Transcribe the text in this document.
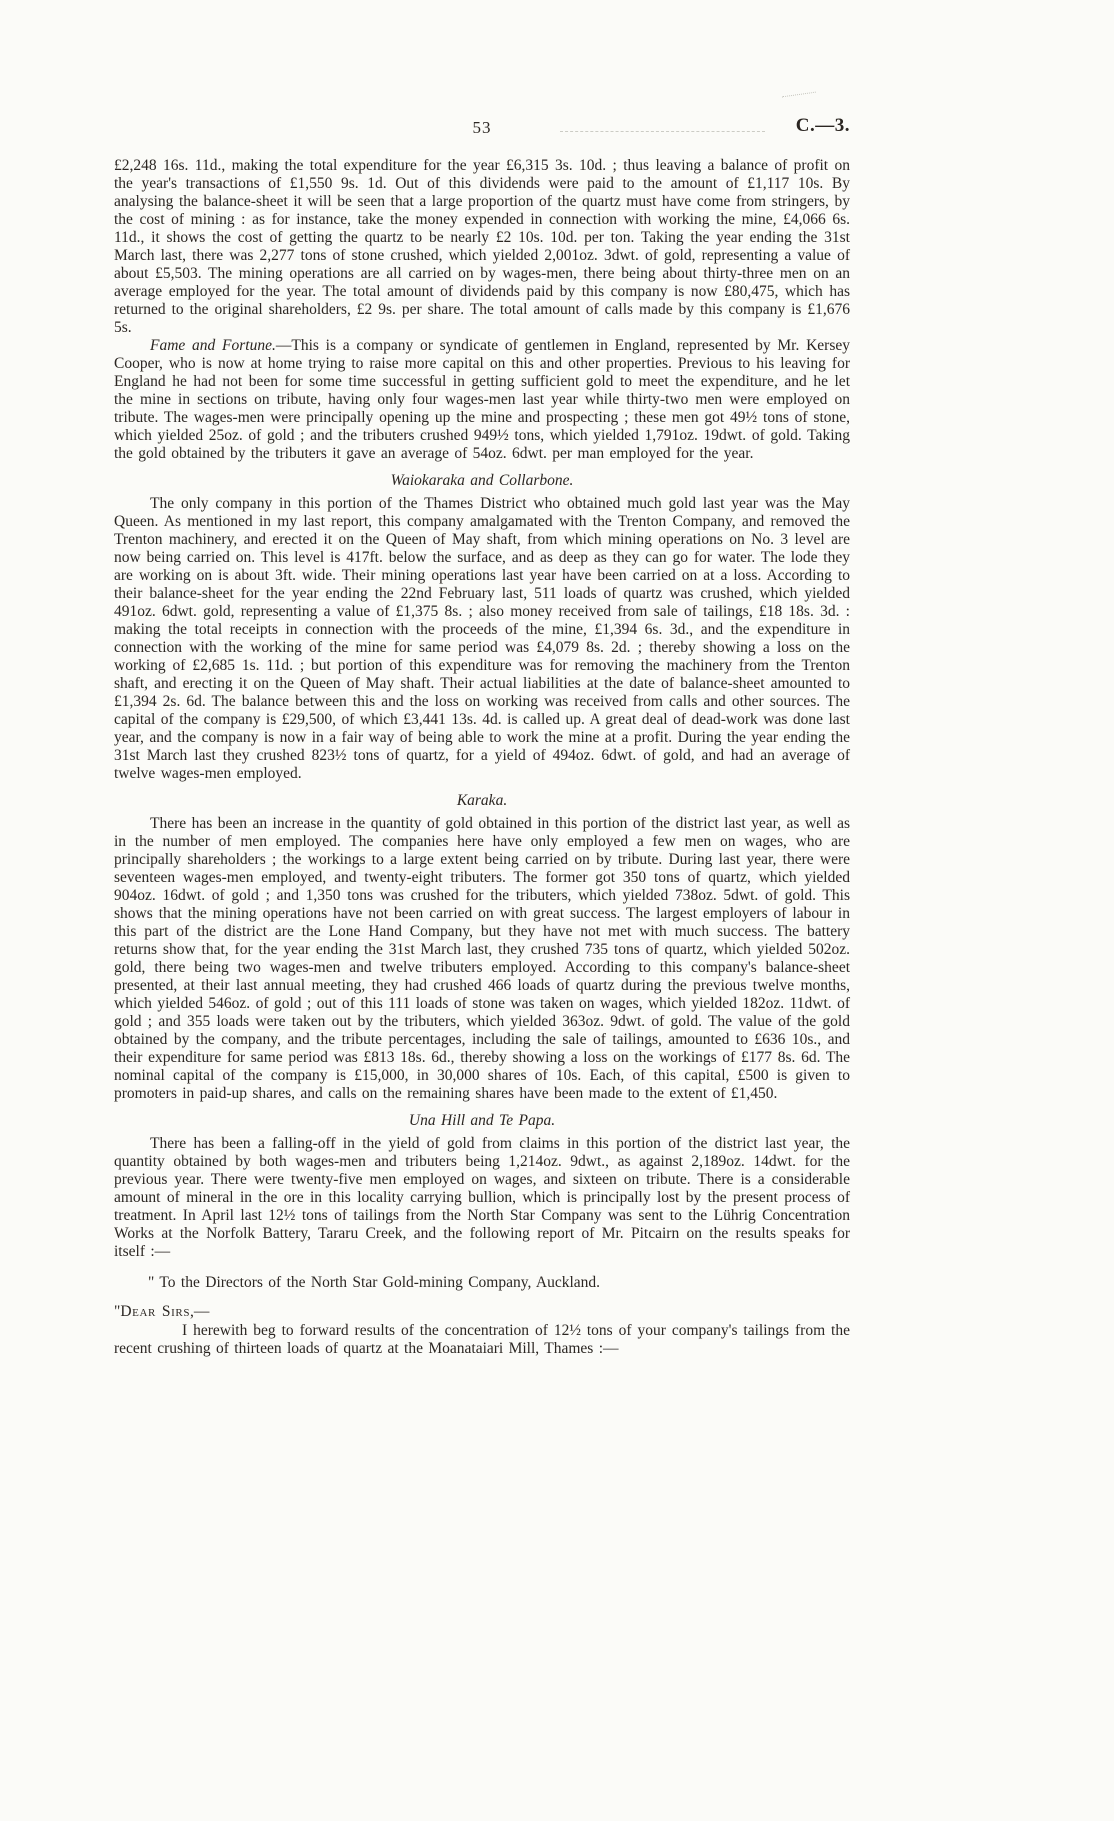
53	C.—3.

£2,248 16s. 11d., making the total expenditure for the year £6,315 3s. 10d. ; thus leaving a balance of profit on the year's transactions of £1,550 9s. 1d. Out of this dividends were paid to the amount of £1,117 10s. By analysing the balance-sheet it will be seen that a large proportion of the quartz must have come from stringers, by the cost of mining : as for instance, take the money expended in connection with working the mine, £4,066 6s. 11d., it shows the cost of getting the quartz to be nearly £2 10s. 10d. per ton. Taking the year ending the 31st March last, there was 2,277 tons of stone crushed, which yielded 2,001oz. 3dwt. of gold, representing a value of about £5,503. The mining operations are all carried on by wages-men, there being about thirty-three men on an average employed for the year. The total amount of dividends paid by this company is now £80,475, which has returned to the original shareholders, £2 9s. per share. The total amount of calls made by this company is £1,676 5s.

Fame and Fortune.—This is a company or syndicate of gentlemen in England, represented by Mr. Kersey Cooper, who is now at home trying to raise more capital on this and other properties. Previous to his leaving for England he had not been for some time successful in getting sufficient gold to meet the expenditure, and he let the mine in sections on tribute, having only four wages-men last year while thirty-two men were employed on tribute. The wages-men were principally opening up the mine and prospecting ; these men got 49½ tons of stone, which yielded 25oz. of gold ; and the tributers crushed 949½ tons, which yielded 1,791oz. 19dwt. of gold. Taking the gold obtained by the tributers it gave an average of 54oz. 6dwt. per man employed for the year.

Waiokaraka and Collarbone.

The only company in this portion of the Thames District who obtained much gold last year was the May Queen. As mentioned in my last report, this company amalgamated with the Trenton Company, and removed the Trenton machinery, and erected it on the Queen of May shaft, from which mining operations on No. 3 level are now being carried on. This level is 417ft. below the surface, and as deep as they can go for water. The lode they are working on is about 3ft. wide. Their mining operations last year have been carried on at a loss. According to their balance-sheet for the year ending the 22nd February last, 511 loads of quartz was crushed, which yielded 491oz. 6dwt. gold, representing a value of £1,375 8s. ; also money received from sale of tailings, £18 18s. 3d. : making the total receipts in connection with the proceeds of the mine, £1,394 6s. 3d., and the expenditure in connection with the working of the mine for same period was £4,079 8s. 2d. ; thereby showing a loss on the working of £2,685 1s. 11d. ; but portion of this expenditure was for removing the machinery from the Trenton shaft, and erecting it on the Queen of May shaft. Their actual liabilities at the date of balance-sheet amounted to £1,394 2s. 6d. The balance between this and the loss on working was received from calls and other sources. The capital of the company is £29,500, of which £3,441 13s. 4d. is called up. A great deal of dead-work was done last year, and the company is now in a fair way of being able to work the mine at a profit. During the year ending the 31st March last they crushed 823½ tons of quartz, for a yield of 494oz. 6dwt. of gold, and had an average of twelve wages-men employed.

Karaka.

There has been an increase in the quantity of gold obtained in this portion of the district last year, as well as in the number of men employed. The companies here have only employed a few men on wages, who are principally shareholders ; the workings to a large extent being carried on by tribute. During last year, there were seventeen wages-men employed, and twenty-eight tributers. The former got 350 tons of quartz, which yielded 904oz. 16dwt. of gold ; and 1,350 tons was crushed for the tributers, which yielded 738oz. 5dwt. of gold. This shows that the mining operations have not been carried on with great success. The largest employers of labour in this part of the district are the Lone Hand Company, but they have not met with much success. The battery returns show that, for the year ending the 31st March last, they crushed 735 tons of quartz, which yielded 502oz. gold, there being two wages-men and twelve tributers employed. According to this company's balance-sheet presented, at their last annual meeting, they had crushed 466 loads of quartz during the previous twelve months, which yielded 546oz. of gold ; out of this 111 loads of stone was taken on wages, which yielded 182oz. 11dwt. of gold ; and 355 loads were taken out by the tributers, which yielded 363oz. 9dwt. of gold. The value of the gold obtained by the company, and the tribute percentages, including the sale of tailings, amounted to £636 10s., and their expenditure for same period was £813 18s. 6d., thereby showing a loss on the workings of £177 8s. 6d. The nominal capital of the company is £15,000, in 30,000 shares of 10s. Each, of this capital, £500 is given to promoters in paid-up shares, and calls on the remaining shares have been made to the extent of £1,450.

Una Hill and Te Papa.

There has been a falling-off in the yield of gold from claims in this portion of the district last year, the quantity obtained by both wages-men and tributers being 1,214oz. 9dwt., as against 2,189oz. 14dwt. for the previous year. There were twenty-five men employed on wages, and sixteen on tribute. There is a considerable amount of mineral in the ore in this locality carrying bullion, which is principally lost by the present process of treatment. In April last 12½ tons of tailings from the North Star Company was sent to the Lührig Concentration Works at the Norfolk Battery, Tararu Creek, and the following report of Mr. Pitcairn on the results speaks for itself :—

" To the Directors of the North Star Gold-mining Company, Auckland.

"Dear Sirs,—

I herewith beg to forward results of the concentration of 12½ tons of your company's tailings from the recent crushing of thirteen loads of quartz at the Moanataiari Mill, Thames :—
